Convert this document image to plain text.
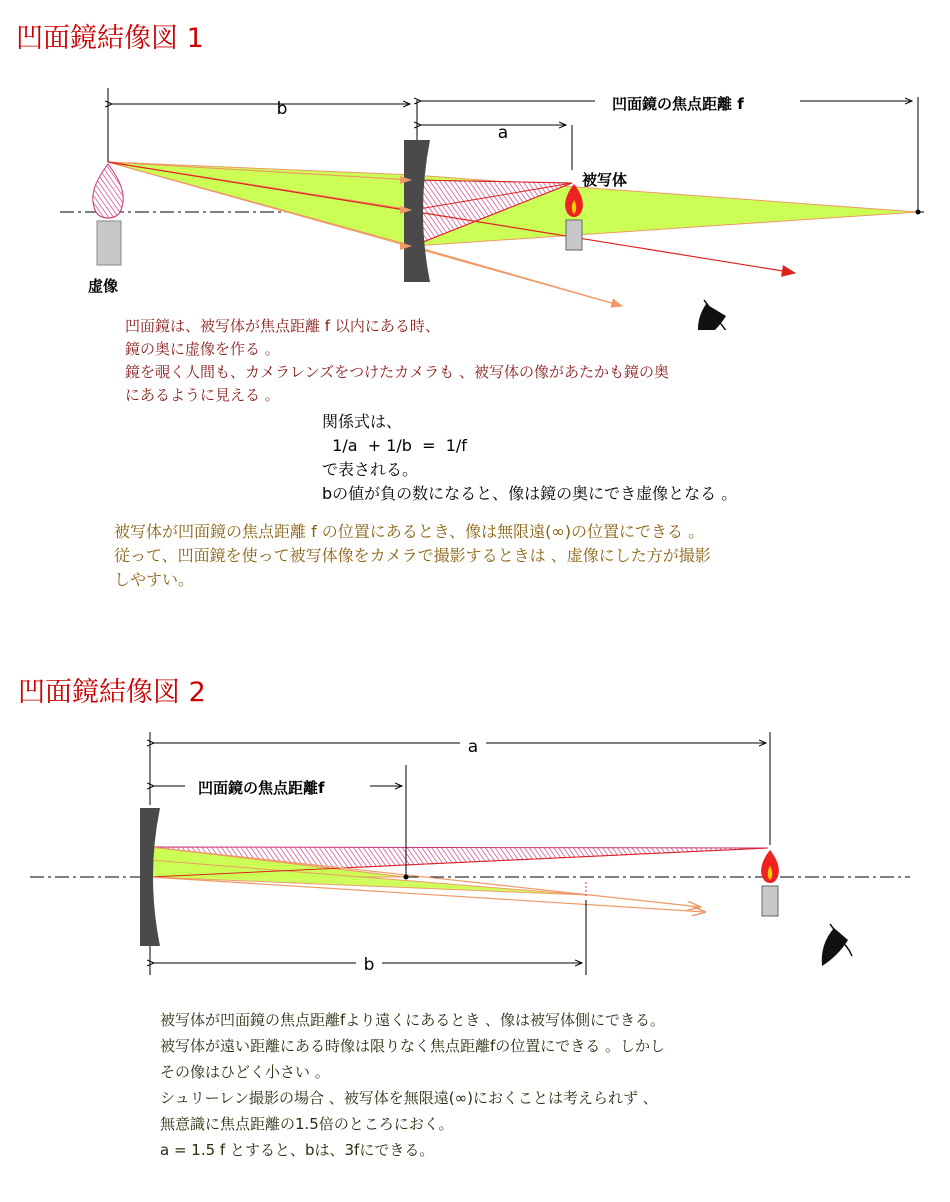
凹面鏡結像図 1
b
a
凹面鏡の焦点距離 f
虚像
被写体
凹面鏡は、被写体が焦点距離 f 以内にある時、
鏡の奥に虚像を作る 。
鏡を覗く人間も、カメラレンズをつけたカメラも 、被写体の像があたかも鏡の奥
にあるように見える 。
関係式は、
1/a  + 1/b  =  1/f
で表される。
bの値が負の数になると、像は鏡の奥にでき虚像となる 。
被写体が凹面鏡の焦点距離 f の位置にあるとき、像は無限遠(∞)の位置にできる 。
従って、凹面鏡を使って被写体像をカメラで撮影するときは 、虚像にした方が撮影
しやすい。
凹面鏡結像図 2
a
凹面鏡の焦点距離f
b
被写体が凹面鏡の焦点距離fより遠くにあるとき 、像は被写体側にできる。
被写体が遠い距離にある時像は限りなく焦点距離fの位置にできる 。しかし
その像はひどく小さい 。
シュリーレン撮影の場合 、被写体を無限遠(∞)におくことは考えられず 、
無意識に焦点距離の1.5倍のところにおく。
a = 1.5 f とすると、bは、3fにできる。
